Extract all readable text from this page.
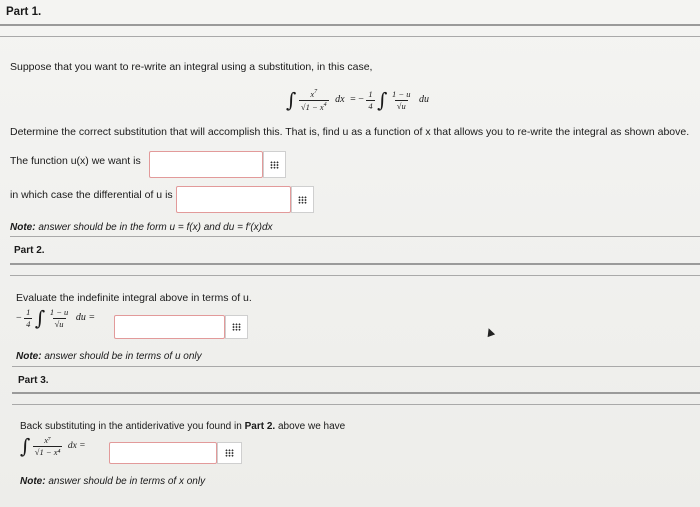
Part 1.
Suppose that you want to re-write an integral using a substitution, in this case,
∫ $\frac{x^7}{√1 - x^4}$ dx = − $\frac{1}{4}$ ∫ $\frac{1 - u}{√u}$ du
Determine the correct substitution that will accomplish this. That is, find u as a function of x that allows you to re-write the integral as shown above.
The function u(x) we want is
in which case the differential of u is
Note: answer should be in the form u = f(x) and du = f′(x)dx
Part 2.
Evaluate the indefinite integral above in terms of u.
− $\frac{1}{4}$ ∫ $\frac{1 - u}{√u}$ du =
Note: answer should be in terms of u only
Part 3.
Back substituting in the antiderivative you found in Part 2. above we have
∫ $\frac{\text{x⁷}}{\text{√1 − x⁴}}$ dx =
Note: answer should be in terms of x only
